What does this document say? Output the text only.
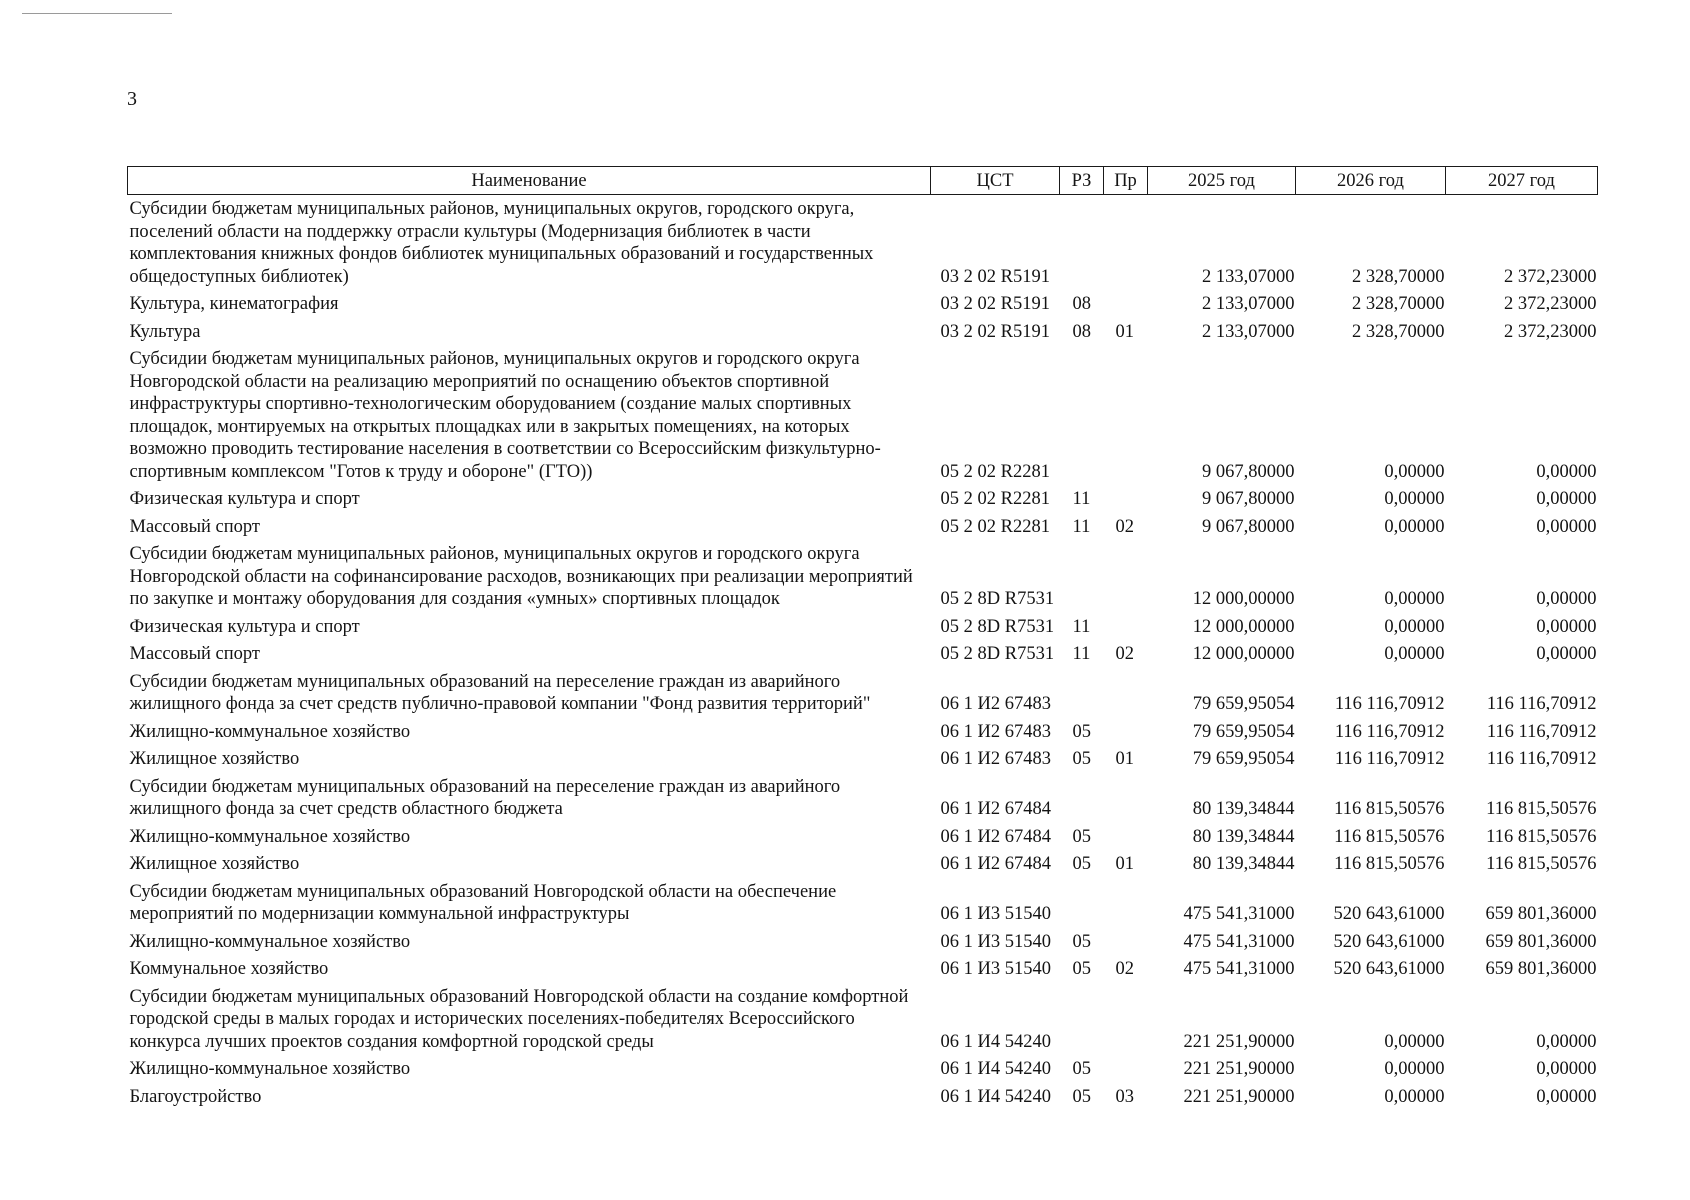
3
Наименование	ЦСТ	РЗ	Пр	2025 год	2026 год	2027 год
Субсидии бюджетам муниципальных районов, муниципальных округов, городского округа, поселений области на поддержку отрасли культуры (Модернизация библиотек в части комплектования книжных фондов библиотек муниципальных образований и государственных общедоступных библиотек)	03 2 02 R5191			2 133,07000	2 328,70000	2 372,23000
Культура, кинематография	03 2 02 R5191	08		2 133,07000	2 328,70000	2 372,23000
Культура	03 2 02 R5191	08	01	2 133,07000	2 328,70000	2 372,23000
Субсидии бюджетам муниципальных районов, муниципальных округов и городского округа Новгородской области на реализацию мероприятий по оснащению объектов спортивной инфраструктуры спортивно-технологическим оборудованием (создание малых спортивных площадок, монтируемых на открытых площадках или в закрытых помещениях, на которых возможно проводить тестирование населения в соответствии со Всероссийским физкультурно-спортивным комплексом "Готов к труду и обороне" (ГТО))	05 2 02 R2281			9 067,80000	0,00000	0,00000
Физическая культура и спорт	05 2 02 R2281	11		9 067,80000	0,00000	0,00000
Массовый спорт	05 2 02 R2281	11	02	9 067,80000	0,00000	0,00000
Субсидии бюджетам муниципальных районов, муниципальных округов и городского округа Новгородской области на софинансирование расходов, возникающих при реализации мероприятий по закупке и монтажу оборудования для создания «умных» спортивных площадок	05 2 8D R7531			12 000,00000	0,00000	0,00000
Физическая культура и спорт	05 2 8D R7531	11		12 000,00000	0,00000	0,00000
Массовый спорт	05 2 8D R7531	11	02	12 000,00000	0,00000	0,00000
Субсидии бюджетам муниципальных образований на переселение граждан из аварийного жилищного фонда за счет средств публично-правовой компании "Фонд развития территорий"	06 1 И2 67483			79 659,95054	116 116,70912	116 116,70912
Жилищно-коммунальное хозяйство	06 1 И2 67483	05		79 659,95054	116 116,70912	116 116,70912
Жилищное хозяйство	06 1 И2 67483	05	01	79 659,95054	116 116,70912	116 116,70912
Субсидии бюджетам муниципальных образований на переселение граждан из аварийного жилищного фонда за счет средств областного бюджета	06 1 И2 67484			80 139,34844	116 815,50576	116 815,50576
Жилищно-коммунальное хозяйство	06 1 И2 67484	05		80 139,34844	116 815,50576	116 815,50576
Жилищное хозяйство	06 1 И2 67484	05	01	80 139,34844	116 815,50576	116 815,50576
Субсидии бюджетам муниципальных образований Новгородской области на обеспечение мероприятий по модернизации коммунальной инфраструктуры	06 1 И3 51540			475 541,31000	520 643,61000	659 801,36000
Жилищно-коммунальное хозяйство	06 1 И3 51540	05		475 541,31000	520 643,61000	659 801,36000
Коммунальное хозяйство	06 1 И3 51540	05	02	475 541,31000	520 643,61000	659 801,36000
Субсидии бюджетам муниципальных образований Новгородской области на создание комфортной городской среды в малых городах и исторических поселениях-победителях Всероссийского конкурса лучших проектов создания комфортной городской среды	06 1 И4 54240			221 251,90000	0,00000	0,00000
Жилищно-коммунальное хозяйство	06 1 И4 54240	05		221 251,90000	0,00000	0,00000
Благоустройство	06 1 И4 54240	05	03	221 251,90000	0,00000	0,00000
